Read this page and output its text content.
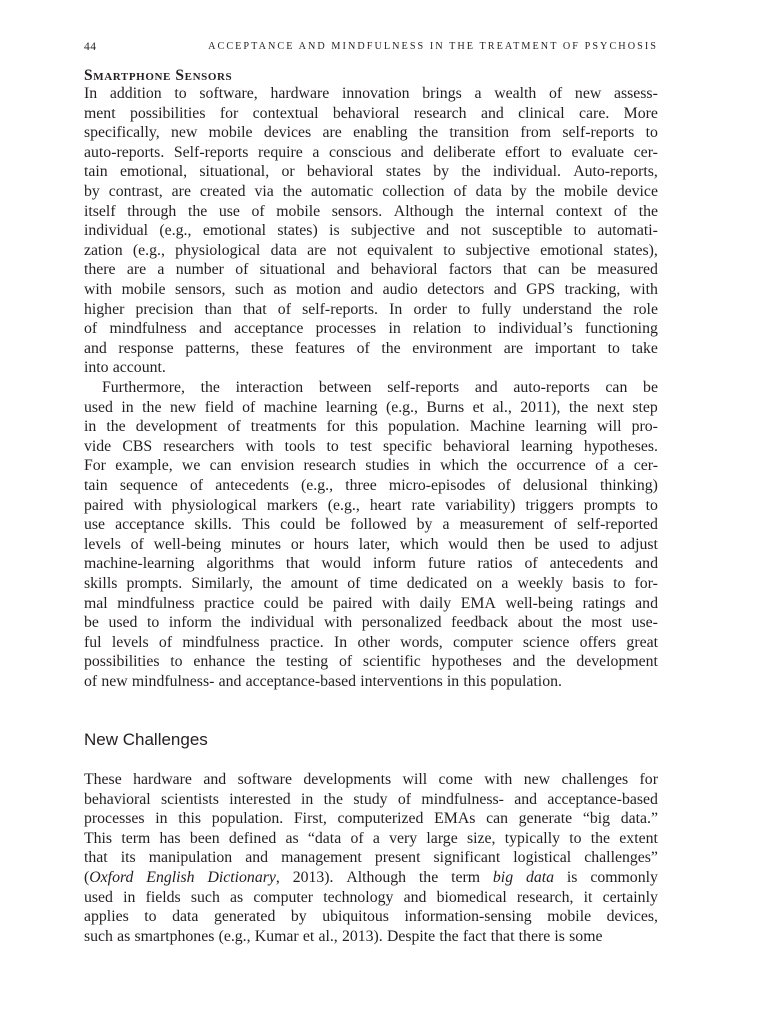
44	ACCEPTANCE AND MINDFULNESS IN THE TREATMENT OF PSYCHOSIS
Smartphone Sensors
In addition to software, hardware innovation brings a wealth of new assess-
ment possibilities for contextual behavioral research and clinical care. More
specifically, new mobile devices are enabling the transition from self-reports to
auto-reports. Self-reports require a conscious and deliberate effort to evaluate cer-
tain emotional, situational, or behavioral states by the individual. Auto-reports,
by contrast, are created via the automatic collection of data by the mobile device
itself through the use of mobile sensors. Although the internal context of the
individual (e.g., emotional states) is subjective and not susceptible to automati-
zation (e.g., physiological data are not equivalent to subjective emotional states),
there are a number of situational and behavioral factors that can be measured
with mobile sensors, such as motion and audio detectors and GPS tracking, with
higher precision than that of self-reports. In order to fully understand the role
of mindfulness and acceptance processes in relation to individual’s functioning
and response patterns, these features of the environment are important to take
into account.
Furthermore, the interaction between self-reports and auto-reports can be
used in the new field of machine learning (e.g., Burns et al., 2011), the next step
in the development of treatments for this population. Machine learning will pro-
vide CBS researchers with tools to test specific behavioral learning hypotheses.
For example, we can envision research studies in which the occurrence of a cer-
tain sequence of antecedents (e.g., three micro-episodes of delusional thinking)
paired with physiological markers (e.g., heart rate variability) triggers prompts to
use acceptance skills. This could be followed by a measurement of self-reported
levels of well-being minutes or hours later, which would then be used to adjust
machine-learning algorithms that would inform future ratios of antecedents and
skills prompts. Similarly, the amount of time dedicated on a weekly basis to for-
mal mindfulness practice could be paired with daily EMA well-being ratings and
be used to inform the individual with personalized feedback about the most use-
ful levels of mindfulness practice. In other words, computer science offers great
possibilities to enhance the testing of scientific hypotheses and the development
of new mindfulness- and acceptance-based interventions in this population.
New Challenges
These hardware and software developments will come with new challenges for
behavioral scientists interested in the study of mindfulness- and acceptance-based
processes in this population. First, computerized EMAs can generate “big data.”
This term has been defined as “data of a very large size, typically to the extent
that its manipulation and management present significant logistical challenges”
(Oxford English Dictionary, 2013). Although the term big data is commonly
used in fields such as computer technology and biomedical research, it certainly
applies to data generated by ubiquitous information-sensing mobile devices,
such as smartphones (e.g., Kumar et al., 2013). Despite the fact that there is some
